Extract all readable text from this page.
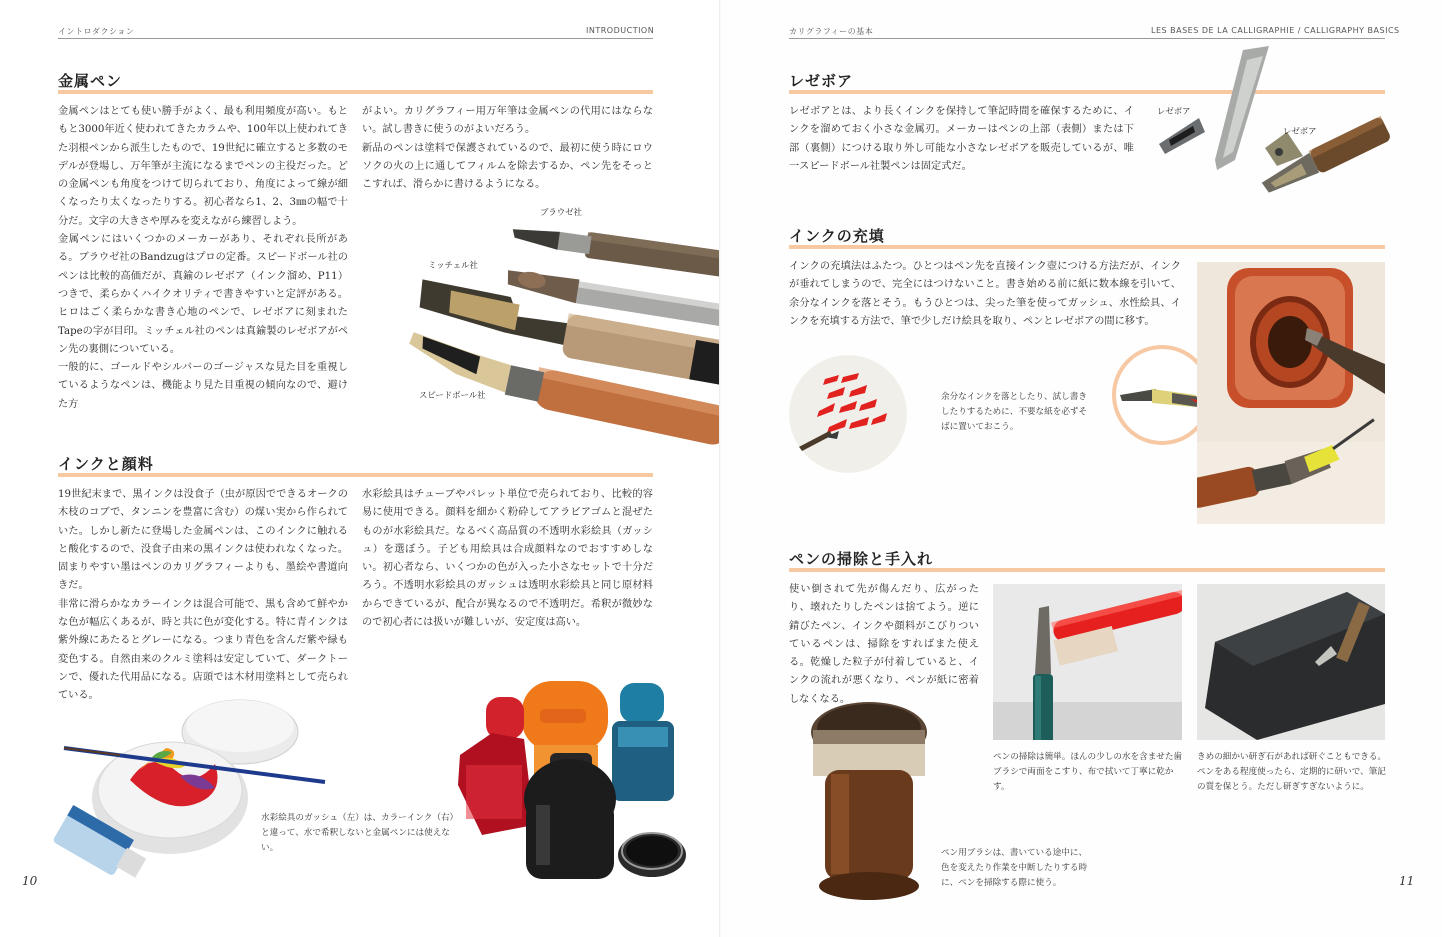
イントロダクション	INTRODUCTION
金属ペン

金属ペンはとても使い勝手がよく、最も利用頻度が高い。もともと3000年近く使われてきたカラムや、100年以上使われてきた羽根ペンから派生したもので、19世紀に確立すると多数のモデルが登場し、万年筆が主流になるまでペンの主役だった。どの金属ペンも角度をつけて切られており、角度によって線が細くなったり太くなったりする。初心者なら1、2、3㎜の幅で十分だ。文字の大きさや厚みを変えながら練習しよう。

金属ペンにはいくつかのメーカーがあり、それぞれ長所がある。ブラウゼ社のBandzugはプロの定番。スピードボール社のペンは比較的高価だが、真鍮のレゼボア（インク溜め、P11）つきで、柔らかくハイクオリティで書きやすいと定評がある。ヒロはごく柔らかな書き心地のペンで、レゼボアに刻まれたTapeの字が目印。ミッチェル社のペンは真鍮製のレゼボアがペン先の裏側についている。

一般的に、ゴールドやシルバーのゴージャスな見た目を重視しているようなペンは、機能より見た目重視の傾向なので、避けた方

がよい。カリグラフィー用万年筆は金属ペンの代用にはならない。試し書きに使うのがよいだろう。

新品のペンは塗料で保護されているので、最初に使う時にロウソクの火の上に通してフィルムを除去するか、ペン先をそっとこすれば、滑らかに書けるようになる。

ブラウゼ社
ミッチェル社
スピードボール社
インクと顔料

19世紀末まで、黒インクは没食子（虫が原因でできるオークの木枝のコブで、タンニンを豊富に含む）の煤い実から作られていた。しかし新たに登場した金属ペンは、このインクに触れると酸化するので、没食子由来の黒インクは使われなくなった。固まりやすい墨はペンのカリグラフィーよりも、墨絵や書道向きだ。

非常に滑らかなカラーインクは混合可能で、黒も含めて鮮やかな色が幅広くあるが、時と共に色が変化する。特に青インクは紫外線にあたるとグレーになる。つまり青色を含んだ紫や緑も変色する。自然由来のクルミ塗料は安定していて、ダークトーンで、優れた代用品になる。店頭では木材用塗料として売られている。

水彩絵具はチューブやパレット単位で売られており、比較的容易に使用できる。顔料を細かく粉砕してアラビアゴムと混ぜたものが水彩絵具だ。なるべく高品質の不透明水彩絵具（ガッシュ）を選ぼう。子ども用絵具は合成顔料なのでおすすめしない。初心者なら、いくつかの色が入った小さなセットで十分だろう。不透明水彩絵具のガッシュは透明水彩絵具と同じ原材料からできているが、配合が異なるので不透明だ。希釈が微妙なので初心者には扱いが難しいが、安定度は高い。

水彩絵具のガッシュ（左）は、カラーインク（右）と違って、水で希釈しないと金属ペンには使えない。
10
カリグラフィーの基本	LES BASES DE LA CALLIGRAPHIE / CALLIGRAPHY BASICS
レゼボア

レゼボアとは、より長くインクを保持して筆記時間を確保するために、インクを溜めておく小さな金属刃。メーカーはペンの上部（表側）または下部（裏側）につける取り外し可能な小さなレゼボアを販売しているが、唯一スピードボール社製ペンは固定式だ。

レゼボア
レゼボア
インクの充填

インクの充填法はふたつ。ひとつはペン先を直接インク壺につける方法だが、インクが垂れてしまうので、完全にはつけないこと。書き始める前に紙に数本線を引いて、余分なインクを落とそう。もうひとつは、尖った筆を使ってガッシュ、水性絵具、インクを充填する方法で、筆で少しだけ絵具を取り、ペンとレゼボアの間に移す。

余分なインクを落としたり、試し書きしたりするために、不要な紙を必ずそばに置いておこう。
ペンの掃除と手入れ

使い倒されて先が傷んだり、広がったり、壊れたりしたペンは捨てよう。逆に錆びたペン、インクや顔料がこびりついているペンは、掃除をすればまた使える。乾燥した粒子が付着していると、インクの流れが悪くなり、ペンが紙に密着しなくなる。

ペンの掃除は簡単。ほんの少しの水を含ませた歯ブラシで両面をこすり、布で拭いて丁寧に乾かす。
きめの細かい研ぎ石があれば研ぐこともできる。ペンをある程度使ったら、定期的に研いで、筆記の質を保とう。ただし研ぎすぎないように。
ペン用ブラシは、書いている途中に、色を変えたり作業を中断したりする時に、ペンを掃除する際に使う。	11
